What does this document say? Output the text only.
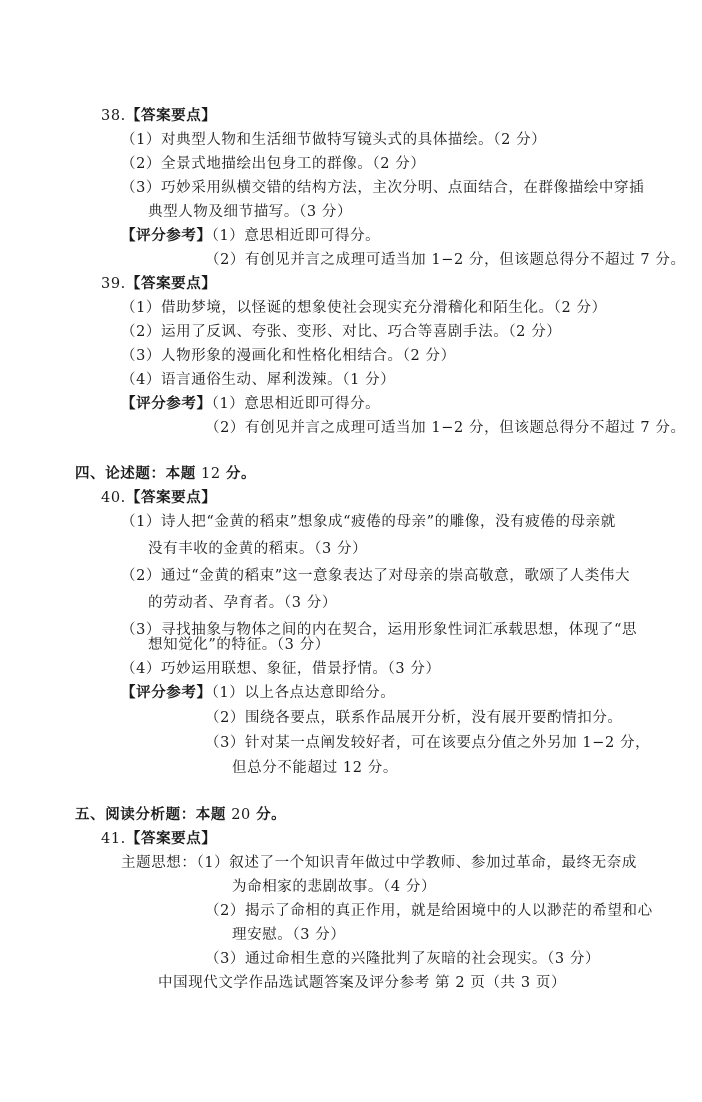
38.【答案要点】
（1）对典型人物和生活细节做特写镜头式的具体描绘。（2 分）
（2）全景式地描绘出包身工的群像。（2 分）
（3）巧妙采用纵横交错的结构方法，主次分明、点面结合，在群像描绘中穿插
典型人物及细节描写。（3 分）
【评分参考】（1）意思相近即可得分。
（2）有创见并言之成理可适当加 1−2 分，但该题总得分不超过 7 分。
39.【答案要点】
（1）借助梦境，以怪诞的想象使社会现实充分滑稽化和陌生化。（2 分）
（2）运用了反讽、夸张、变形、对比、巧合等喜剧手法。（2 分）
（3）人物形象的漫画化和性格化相结合。（2 分）
（4）语言通俗生动、犀利泼辣。（1 分）
【评分参考】（1）意思相近即可得分。
（2）有创见并言之成理可适当加 1−2 分，但该题总得分不超过 7 分。
四、论述题：本题 12 分。
40.【答案要点】
（1）诗人把“金黄的稻束”想象成“疲倦的母亲”的雕像，没有疲倦的母亲就
没有丰收的金黄的稻束。（3 分）
（2）通过“金黄的稻束”这一意象表达了对母亲的崇高敬意，歌颂了人类伟大
的劳动者、孕育者。（3 分）
（3）寻找抽象与物体之间的内在契合，运用形象性词汇承载思想，体现了“思
想知觉化”的特征。（3 分）
（4）巧妙运用联想、象征，借景抒情。（3 分）
【评分参考】（1）以上各点达意即给分。
（2）围绕各要点，联系作品展开分析，没有展开要酌情扣分。
（3）针对某一点阐发较好者，可在该要点分值之外另加 1−2 分，
但总分不能超过 12 分。
五、阅读分析题：本题 20 分。
41.【答案要点】
主题思想：（1）叙述了一个知识青年做过中学教师、参加过革命，最终无奈成
为命相家的悲剧故事。（4 分）
（2）揭示了命相的真正作用，就是给困境中的人以渺茫的希望和心
理安慰。（3 分）
（3）通过命相生意的兴隆批判了灰暗的社会现实。（3 分）
中国现代文学作品选试题答案及评分参考 第 2 页（共 3 页）
